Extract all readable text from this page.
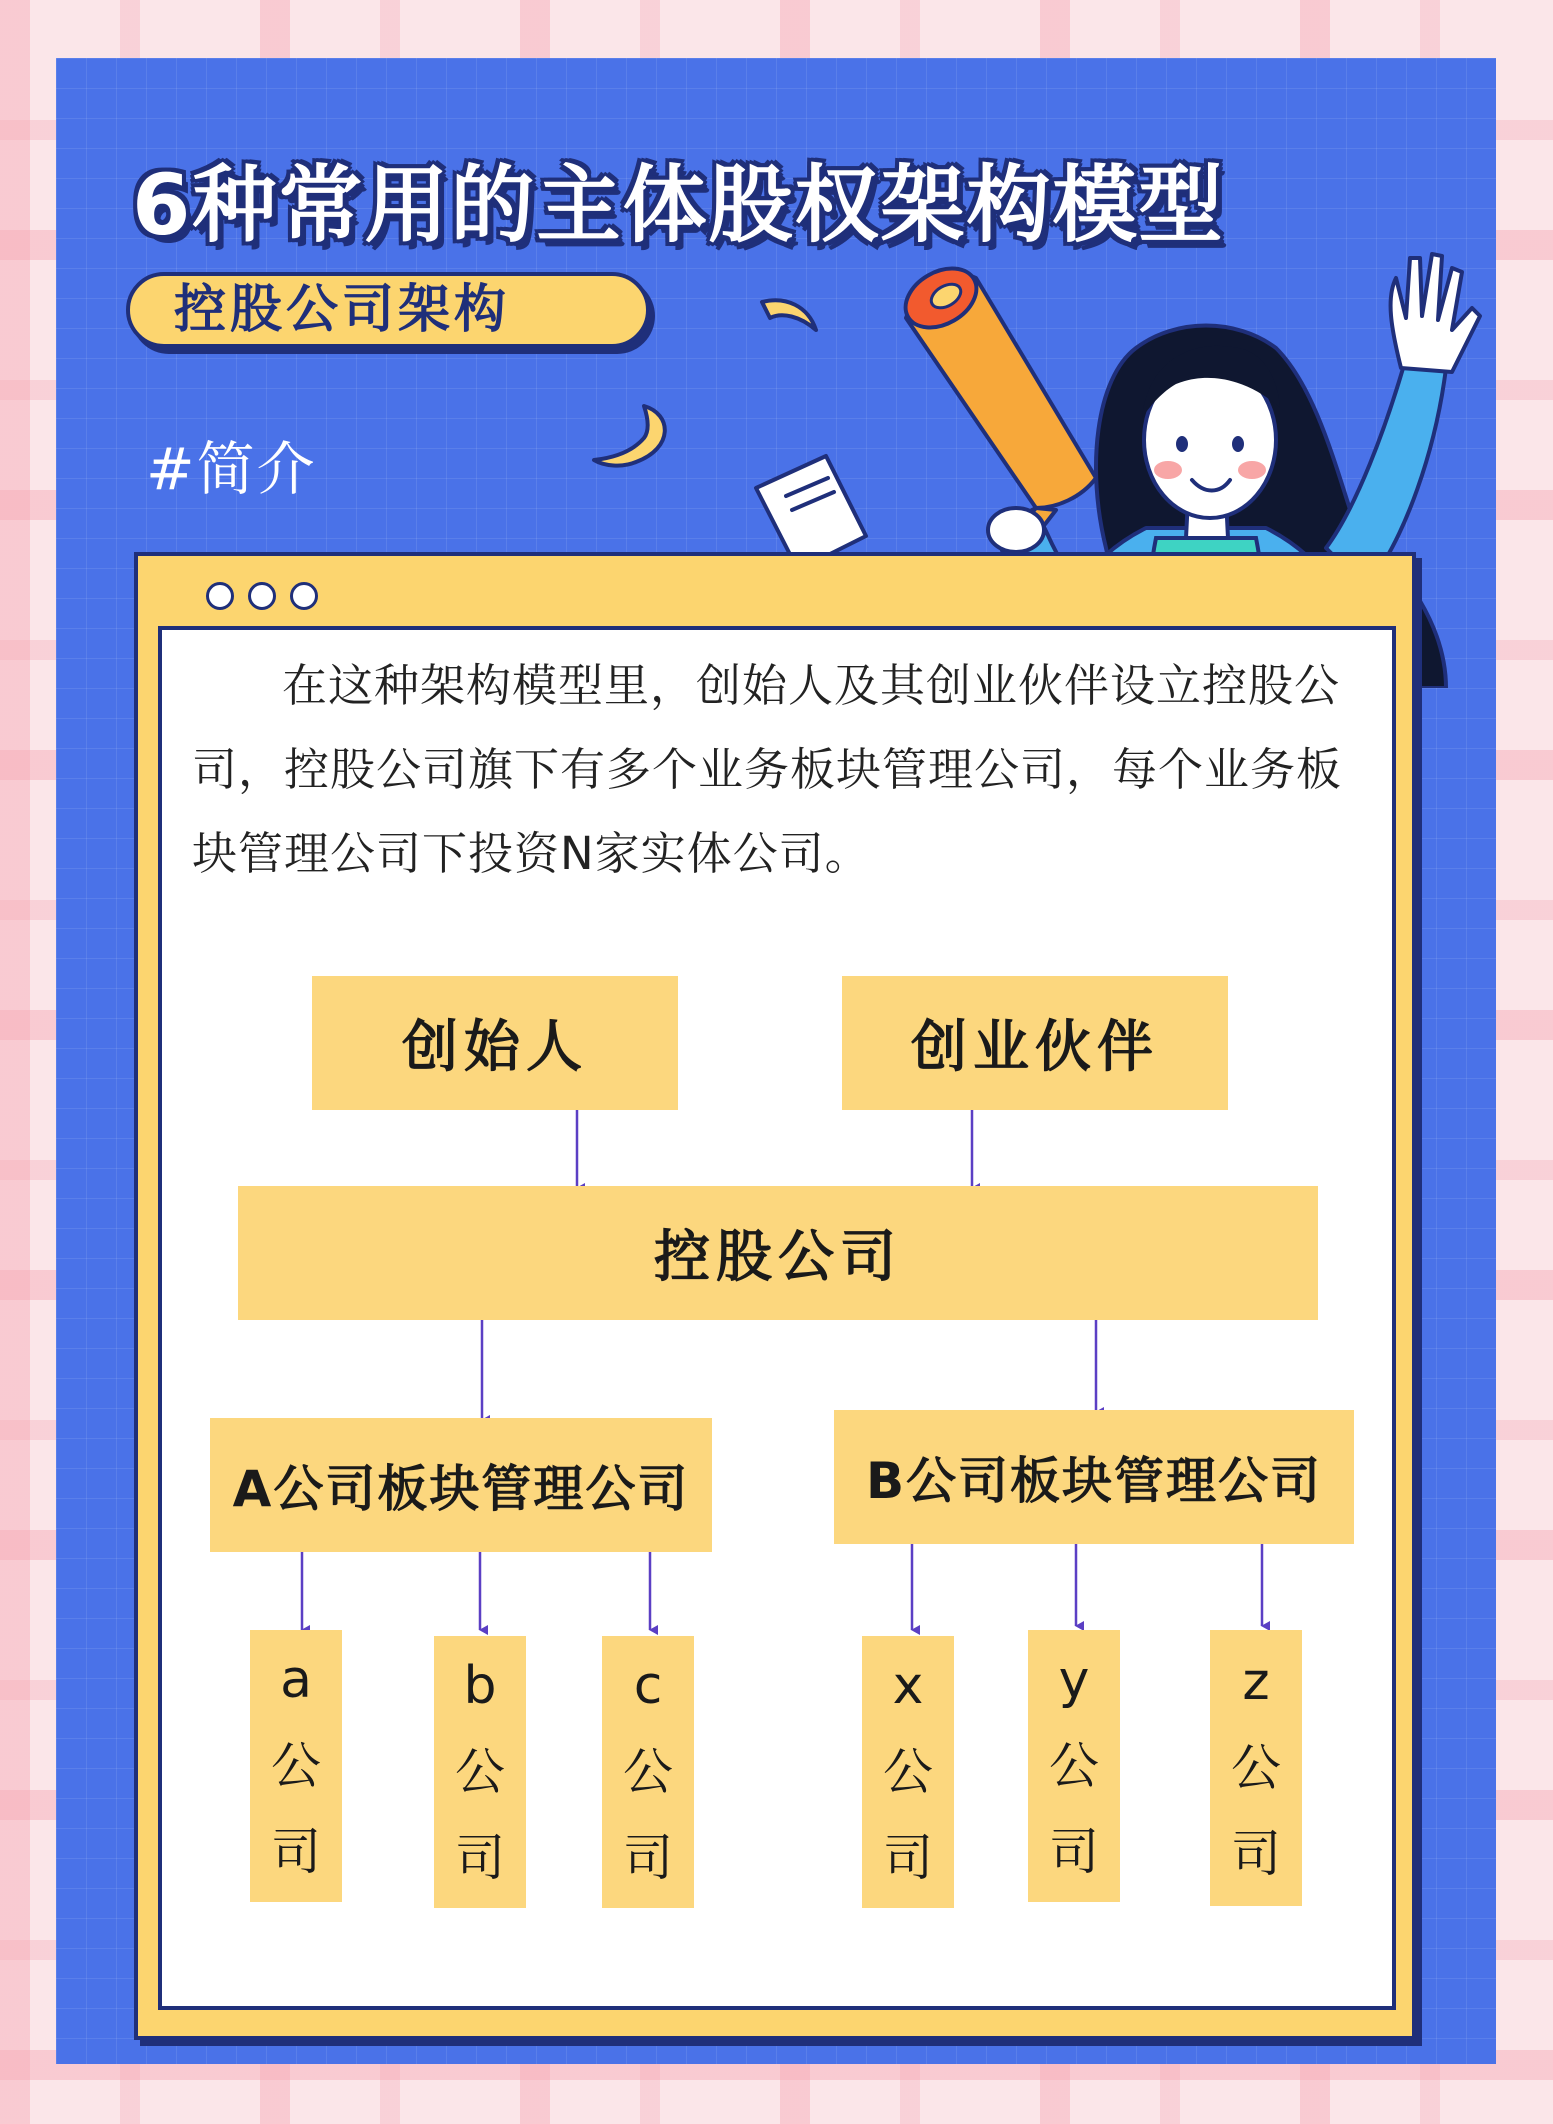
6种常用的主体股权架构模型
控股公司架构
#简介

在这种架构模型里，创始人及其创业伙伴设立控股公司，控股公司旗下有多个业务板块管理公司，每个业务板块管理公司下投资N家实体公司。

创始人	创业伙伴
控股公司
A公司板块管理公司	B公司板块管理公司
a
公
司
b
公
司
c
公
司
x
公
司
y
公
司
z
公
司
